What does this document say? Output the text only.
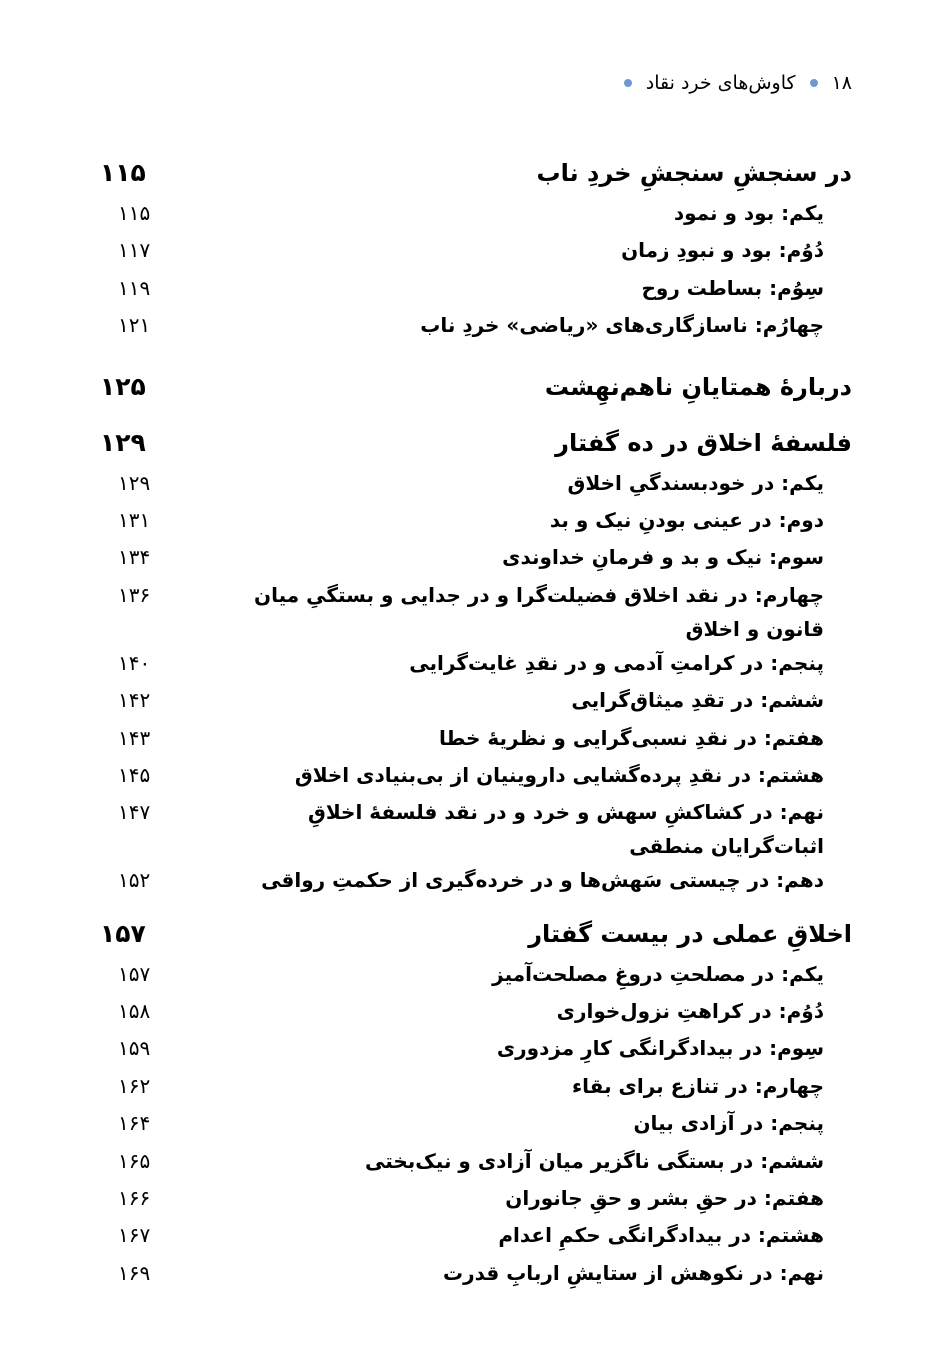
۱۸
کاوش‌های خرد نقاد
۱۱۵	در سنجشِ سنجشِ خردِ ناب
۱۱۵	یکم: بود و نمود
۱۱۷	دُوُم: بود و نبودِ زمان
۱۱۹	سِوُم: بساطت روح
۱۲۱	چهارُم: ناسازگاری‌های «ریاضی» خردِ ناب
۱۲۵	دربارهٔ همتایانِ ناهم‌نهِشت
۱۲۹	فلسفهٔ اخلاق در ده گفتار
۱۲۹	یکم: در خودبسندگیِ اخلاق
۱۳۱	دوم: در عینی بودنِ نیک و بد
۱۳۴	سوم: نیک و بد و فرمانِ خداوندی
۱۳۶	چهارم: در نقد اخلاق فضیلت‌گرا و در جدایی و بستگیِ میان قانون و اخلاق
۱۴۰	پنجم: در کرامتِ آدمی و در نقدِ غایت‌گرایی
۱۴۲	ششم: در تقدِ میثاق‌گرایی
۱۴۳	هفتم: در نقدِ نسبی‌گرایی و نظریهٔ خطا
۱۴۵	هشتم: در نقدِ پرده‌گشایی داروینیان از بی‌بنیادی اخلاق
۱۴۷	نهم: در کشاکشِ سهش و خرد و در نقد فلسفهٔ اخلاقِ اثبات‌گرایان منطقی
۱۵۲	دهم: در چیستی سَهش‌ها و در خرده‌گیری از حکمتِ رواقی
۱۵۷	اخلاقِ عملی در بیست گفتار
۱۵۷	یکم: در مصلحتِ دروغِ مصلحت‌آمیز
۱۵۸	دُوُم: در کراهتِ نزول‌خواری
۱۵۹	سِوم: در بیدادگرانگی کارِ مزدوری
۱۶۲	چهارم: در تنازع برای بقاء
۱۶۴	پنجم: در آزادی بیان
۱۶۵	ششم: در بستگی ناگزیر میان آزادی و نیک‌بختی
۱۶۶	هفتم: در حقِ بشر و حقِ جانوران
۱۶۷	هشتم: در بیدادگرانگی حکمِ اعدام
۱۶۹	نهم: در نکوهش از ستایشِ اربابِ قدرت
